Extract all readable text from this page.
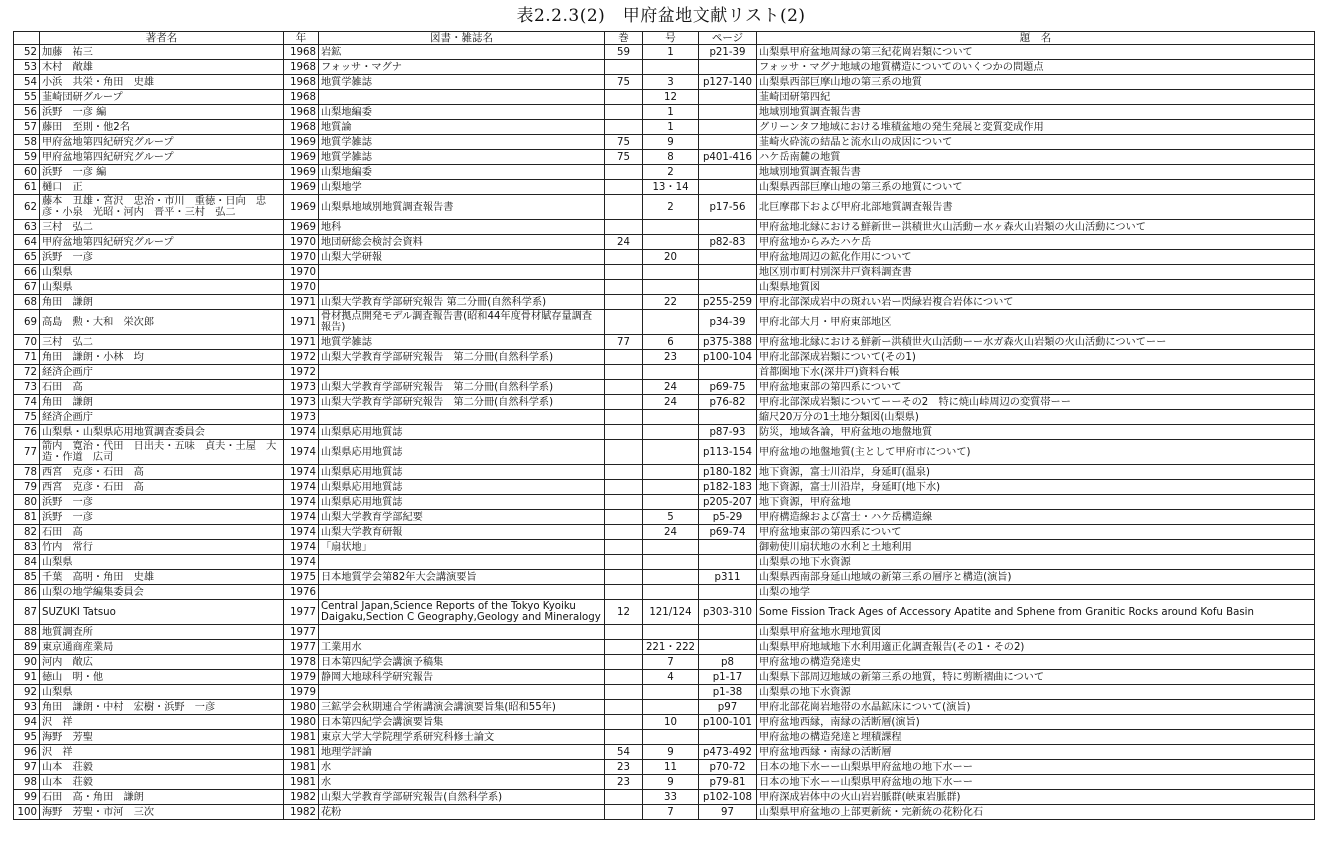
表2.2.3(2)　甲府盆地文献リスト(2)
	著者名	年	図書・雑誌名	巻	号	ページ	題　名
52	加藤　祐三	1968	岩鉱	59	1	p21-39	山梨県甲府盆地周縁の第三紀花崗岩類について
53	木村　敞雄	1968	フォッサ・マグナ				フォッサ・マグナ地域の地質構造についてのいくつかの問題点
54	小浜　共栄・角田　史雄	1968	地質学雑誌	75	3	p127-140	山梨県西部巨摩山地の第三系の地質
55	韮崎団研グループ	1968			12		韮崎団研第四紀
56	浜野　一彦 編	1968	山梨地編委		1		地域別地質調査報告書
57	藤田　至則・他2名	1968	地質論		1		グリーンタフ地域における堆積盆地の発生発展と変質変成作用
58	甲府盆地第四紀研究グループ	1969	地質学雑誌	75	9		韮崎火砕流の結晶と流水山の成因について
59	甲府盆地第四紀研究グループ	1969	地質学雑誌	75	8	p401-416	ハケ岳南麓の地質
60	浜野　一彦 編	1969	山梨地編委		2		地域別地質調査報告書
61	樋口　正	1969	山梨地学		13・14		山梨県西部巨摩山地の第三系の地質について
62	藤本　丑雄・宮沢　忠治・市川　重徳・日向　忠彦・小泉　光昭・河内　晋平・三村　弘二	1969	山梨県地域別地質調査報告書		2	p17-56	北巨摩郡下および甲府北部地質調査報告書
63	三村　弘二	1969	地科				甲府盆地北縁における鮮新世ー洪積世火山活動ー水ヶ森火山岩類の火山活動について
64	甲府盆地第四紀研究グループ	1970	地団研総会検討会資料	24		p82-83	甲府盆地からみたハケ岳
65	浜野　一彦	1970	山梨大学研報		20		甲府盆地周辺の鉱化作用について
66	山梨県	1970					地区別市町村別深井戸資料調査書
67	山梨県	1970					山梨県地質図
68	角田　謙朗	1971	山梨大学教育学部研究報告 第二分冊(自然科学系)		22	p255-259	甲府北部深成岩中の斑れい岩ー閃緑岩複合岩体について
69	高島　勲・大和　栄次郎	1971	骨材拠点開発モデル調査報告書(昭和44年度骨材賦存量調査報告)			p34-39	甲府北部大月・甲府東部地区
70	三村　弘二	1971	地質学雑誌	77	6	p375-388	甲府盆地北縁における鮮新ー洪積世火山活動ーー水ガ森火山岩類の火山活動についてーー
71	角田　謙朗・小林　均	1972	山梨大学教育学部研究報告　第二分冊(自然科学系)		23	p100-104	甲府北部深成岩類について(その1)
72	経済企画庁	1972					首都圏地下水(深井戸)資料台帳
73	石田　高	1973	山梨大学教育学部研究報告　第二分冊(自然科学系)		24	p69-75	甲府盆地東部の第四系について
74	角田　謙朗	1973	山梨大学教育学部研究報告　第二分冊(自然科学系)		24	p76-82	甲府北部深成岩類についてーーその2　特に焼山峠周辺の変質帯ーー
75	経済企画庁	1973					縮尺20万分の1土地分類図(山梨県)
76	山梨県・山梨県応用地質調査委員会	1974	山梨県応用地質誌			p87-93	防災，地域各論，甲府盆地の地盤地質
77	箭内　寛治・代田　日出夫・五味　貞夫・土屋　大造・作道　広司	1974	山梨県応用地質誌			p113-154	甲府盆地の地盤地質(主として甲府市について)
78	西宮　克彦・石田　高	1974	山梨県応用地質誌			p180-182	地下資源，富士川沿岸，身延町(温泉)
79	西宮　克彦・石田　高	1974	山梨県応用地質誌			p182-183	地下資源，富士川沿岸，身延町(地下水)
80	浜野　一彦	1974	山梨県応用地質誌			p205-207	地下資源，甲府盆地
81	浜野　一彦	1974	山梨大学教育学部紀要		5	p5-29	甲府構造線および富士・ハケ岳構造線
82	石田　高	1974	山梨大学教育研報		24	p69-74	甲府盆地東部の第四系について
83	竹内　常行	1974	「扇状地」				御勅使川扇状地の水利と土地利用
84	山梨県	1974					山梨県の地下水資源
85	千葉　高明・角田　史雄	1975	日本地質学会第82年大会講演要旨			p311	山梨県西南部身延山地域の新第三系の層序と構造(演旨)
86	山梨の地学編集委員会	1976					山梨の地学
87	SUZUKI Tatsuo	1977	Central Japan,Science Reports of the Tokyo Kyoiku Daigaku,Section C Geography,Geology and Mineralogy	12	121/124	p303-310	Some Fission Track Ages of Accessory Apatite and Sphene from Granitic Rocks around Kofu Basin
88	地質調査所	1977					山梨県甲府盆地水理地質図
89	東京通商産業局	1977	工業用水		221・222		山梨県甲府地域地下水利用適正化調査報告(その1・その2)
90	河内　敞広	1978	日本第四紀学会講演予稿集		7	p8	甲府盆地の構造発達史
91	徳山　明・他	1979	静岡大地球科学研究報告		4	p1-17	山梨県下部周辺地域の新第三系の地質，特に剪断褶曲について
92	山梨県	1979				p1-38	山梨県の地下水資源
93	角田　謙朗・中村　宏樹・浜野　一彦	1980	三鉱学会秋期連合学術講演会講演要旨集(昭和55年)			p97	甲府北部花崗岩地帯の水晶鉱床について(演旨)
94	沢　祥	1980	日本第四紀学会講演要旨集		10	p100-101	甲府盆地西縁，南縁の活断層(演旨)
95	海野　芳聖	1981	東京大学大学院理学系研究科修士論文				甲府盆地の構造発達と埋積課程
96	沢　祥	1981	地理学評論	54	9	p473-492	甲府盆地西縁・南縁の活断層
97	山本　荘毅	1981	水	23	11	p70-72	日本の地下水ーー山梨県甲府盆地の地下水ーー
98	山本　荘毅	1981	水	23	9	p79-81	日本の地下水ーー山梨県甲府盆地の地下水ーー
99	石田　高・角田　謙朗	1982	山梨大学教育学部研究報告(自然科学系)		33	p102-108	甲府深成岩体中の火山岩岩脈群(峡東岩脈群)
100	海野　芳聖・市河　三次	1982	花粉		7	97	山梨県甲府盆地の上部更新統・完新統の花粉化石
